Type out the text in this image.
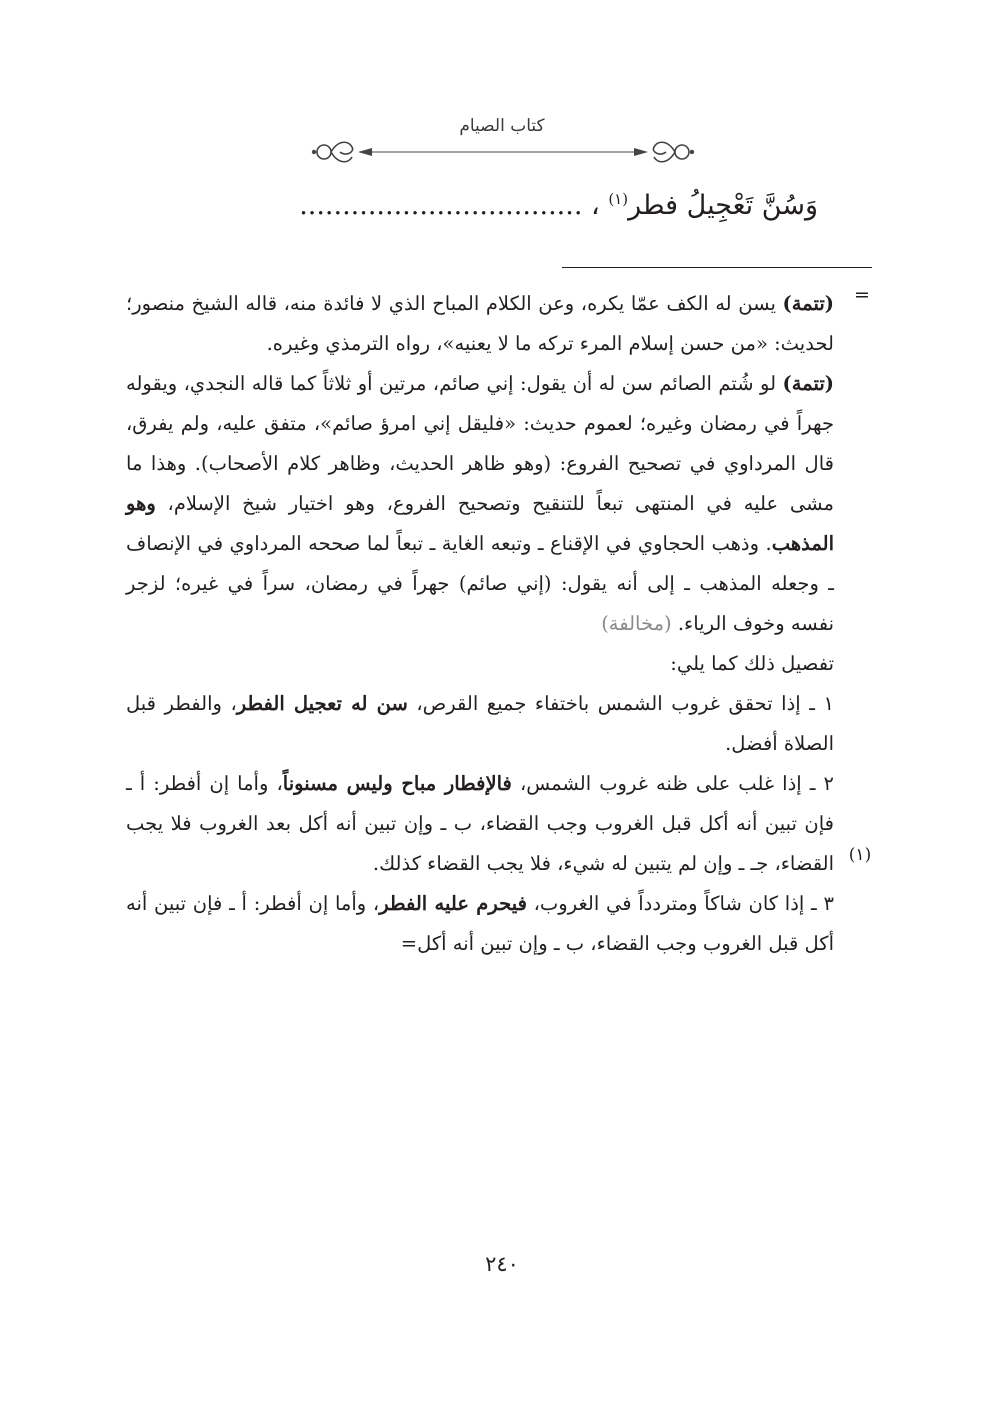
كتاب الصيام
وَسُنَّ تَعْجِيلُ فطر$^{(١)}$ ، .................................
=
(١)

(تتمة) يسن له الكف عمّا يكره، وعن الكلام المباح الذي لا فائدة منه، قاله الشيخ منصور؛ لحديث: «من حسن إسلام المرء تركه ما لا يعنيه»، رواه الترمذي وغيره.

(تتمة) لو شُتم الصائم سن له أن يقول: إني صائم، مرتين أو ثلاثاً كما قاله النجدي، ويقوله جهراً في رمضان وغيره؛ لعموم حديث: «فليقل إني امرؤ صائم»، متفق عليه، ولم يفرق، قال المرداوي في تصحيح الفروع: (وهو ظاهر الحديث، وظاهر كلام الأصحاب). وهذا ما مشى عليه في المنتهى تبعاً للتنقيح وتصحيح الفروع، وهو اختيار شيخ الإسلام، وهو المذهب. وذهب الحجاوي في الإقناع ـ وتبعه الغاية ـ تبعاً لما صححه المرداوي في الإنصاف ـ وجعله المذهب ـ إلى أنه يقول: (إني صائم) جهراً في رمضان، سراً في غيره؛ لزجر نفسه وخوف الرياء. (مخالفة)

تفصيل ذلك كما يلي:

١ ـ إذا تحقق غروب الشمس باختفاء جميع القرص، سن له تعجيل الفطر، والفطر قبل الصلاة أفضل.

٢ ـ إذا غلب على ظنه غروب الشمس، فالإفطار مباح وليس مسنوناً، وأما إن أفطر: أ ـ فإن تبين أنه أكل قبل الغروب وجب القضاء، ب ـ وإن تبين أنه أكل بعد الغروب فلا يجب القضاء، جـ ـ وإن لم يتبين له شيء، فلا يجب القضاء كذلك.

٣ ـ إذا كان شاكاً ومتردداً في الغروب، فيحرم عليه الفطر، وأما إن أفطر: أ ـ فإن تبين أنه أكل قبل الغروب وجب القضاء، ب ـ وإن تبين أنه أكل=

٢٤٠
